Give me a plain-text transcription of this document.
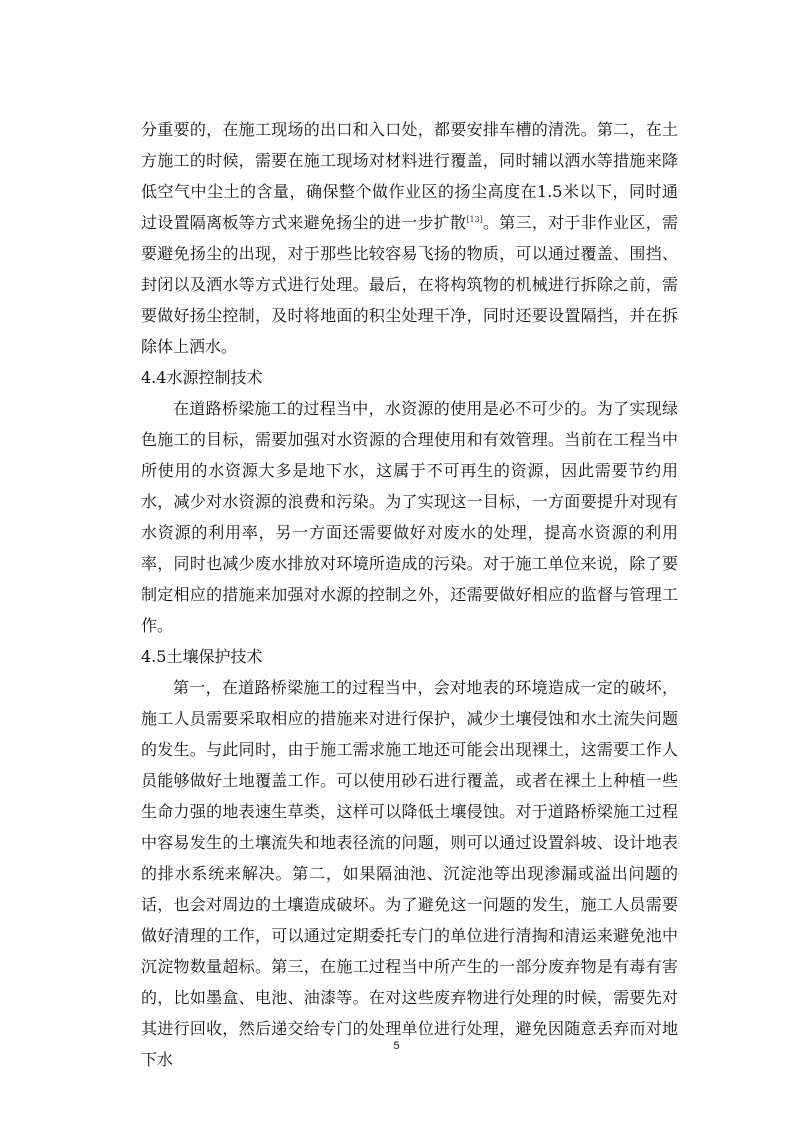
分重要的，在施工现场的出口和入口处，都要安排车槽的清洗。第二，在土方施工的时候，需要在施工现场对材料进行覆盖，同时辅以洒水等措施来降低空气中尘土的含量，确保整个做作业区的扬尘高度在1.5米以下，同时通过设置隔离板等方式来避免扬尘的进一步扩散[13]。第三，对于非作业区，需要避免扬尘的出现，对于那些比较容易飞扬的物质，可以通过覆盖、围挡、封闭以及洒水等方式进行处理。最后，在将构筑物的机械进行拆除之前，需要做好扬尘控制，及时将地面的积尘处理干净，同时还要设置隔挡，并在拆除体上洒水。

4.4水源控制技术

在道路桥梁施工的过程当中，水资源的使用是必不可少的。为了实现绿色施工的目标，需要加强对水资源的合理使用和有效管理。当前在工程当中所使用的水资源大多是地下水，这属于不可再生的资源，因此需要节约用水，减少对水资源的浪费和污染。为了实现这一目标，一方面要提升对现有水资源的利用率，另一方面还需要做好对废水的处理，提高水资源的利用率，同时也减少废水排放对环境所造成的污染。对于施工单位来说，除了要制定相应的措施来加强对水源的控制之外，还需要做好相应的监督与管理工作。

4.5土壤保护技术

第一，在道路桥梁施工的过程当中，会对地表的环境造成一定的破坏，施工人员需要采取相应的措施来对进行保护，减少土壤侵蚀和水土流失问题的发生。与此同时，由于施工需求施工地还可能会出现裸土，这需要工作人员能够做好土地覆盖工作。可以使用砂石进行覆盖，或者在裸土上种植一些生命力强的地表速生草类，这样可以降低土壤侵蚀。对于道路桥梁施工过程中容易发生的土壤流失和地表径流的问题，则可以通过设置斜坡、设计地表的排水系统来解决。第二，如果隔油池、沉淀池等出现渗漏或溢出问题的话，也会对周边的土壤造成破坏。为了避免这一问题的发生，施工人员需要做好清理的工作，可以通过定期委托专门的单位进行清掏和清运来避免池中沉淀物数量超标。第三，在施工过程当中所产生的一部分废弃物是有毒有害的，比如墨盒、电池、油漆等。在对这些废弃物进行处理的时候，需要先对其进行回收，然后递交给专门的处理单位进行处理，避免因随意丢弃而对地下水

5
